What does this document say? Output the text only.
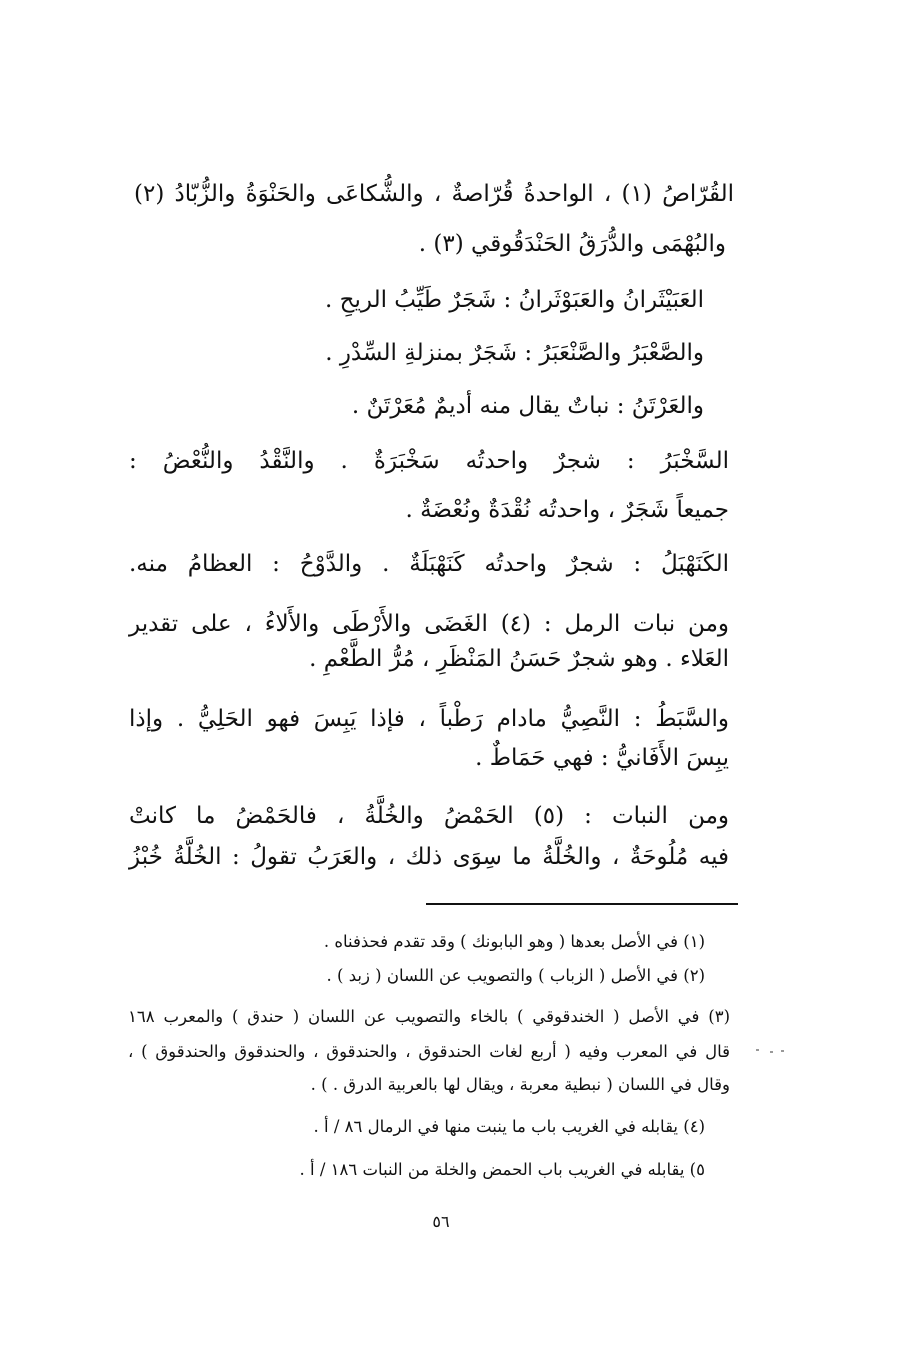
القُرّاصُ (١) ، الواحدةُ قُرّاصةٌ ، والشُّكاعَى والحَنْوَةُ والزُّبّادُ (٢)
والبُهْمَى والدُّرَقُ الحَنْدَقُوقي (٣) .
العَبَيْثَرانُ والعَبَوْثَرانُ : شَجَرٌ طَيِّبُ الريحِ .
والصَّعْبَرُ والصَّنْعَبَرُ : شَجَرٌ بمنزلةِ السِّدْرِ .
والعَرْتَنُ : نباتٌ يقال منه أديمٌ مُعَرْتَنٌ .
السَّخْبَرُ : شجرٌ واحدتُه سَخْبَرَةٌ . والنَّقْدُ والنُّعْضُ :
جميعاً شَجَرٌ ، واحدتُه نُقْدَةٌ ونُعْضَةٌ .
الكَنَهْبَلُ : شجرٌ واحدتُه كَنَهْبَلَةٌ . والدَّوْحُ : العظامُ منه.
ومن نبات الرمل : (٤) الغَضَى والأَرْطَى والأَلاءُ ، على تقدير
العَلاء . وهو شجرٌ حَسَنُ المَنْظَرِ ، مُرُّ الطَّعْمِ .
والسَّبَطُ : النَّصِيُّ مادام رَطْباً ، فإذا يَبِسَ فهو الحَلِيُّ . وإذا
يبِسَ الأَفَانيُّ : فهي حَمَاطٌ .
ومن النبات : (٥) الحَمْضُ والخُلَّةُ ، فالحَمْضُ ما كانتْ
فيه مُلُوحَةٌ ، والخُلَّةُ ما سِوَى ذلك ، والعَرَبُ تقولُ : الخُلَّةُ خُبْزُ
(١) في الأصل بعدها ( وهو البابونك ) وقد تقدم فحذفناه .
(٢) في الأصل ( الزباب ) والتصويب عن اللسان ( زبد ) .
(٣) في الأصل ( الخندقوقي ) بالخاء والتصويب عن اللسان ( حندق ) والمعرب ١٦٨
قال في المعرب وفيه ( أربع لغات الحندقوق ، والحندقوق ، والحندقوق والحندقوق ) ،
وقال في اللسان ( نبطية معربة ، ويقال لها بالعربية الدرق . ) .
(٤) يقابله في الغريب باب ما ينبت منها في الرمال ٨٦ / أ .
٥) يقابله في الغريب باب الحمض والخلة من النبات ١٨٦ / أ .
٥٦
